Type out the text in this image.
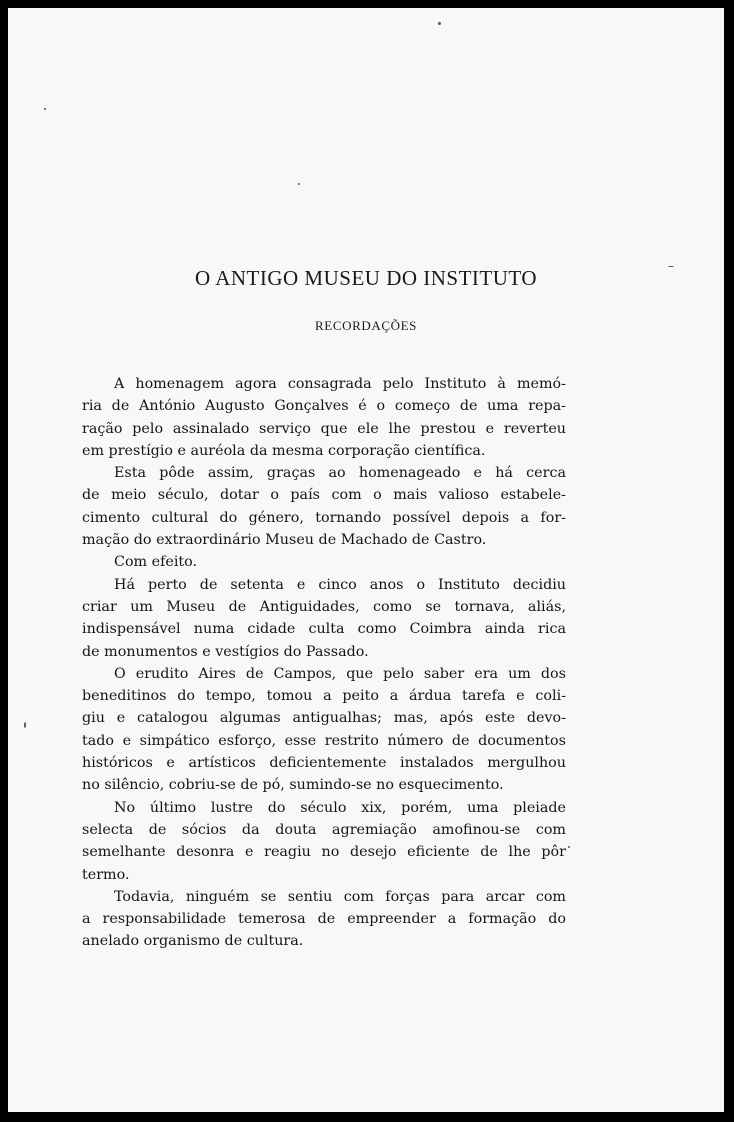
O ANTIGO MUSEU DO INSTITUTO
RECORDAÇÕES
A homenagem agora consagrada pelo Instituto à memó-
ria de António Augusto Gonçalves é o começo de uma repa-
ração pelo assinalado serviço que ele lhe prestou e reverteu
em prestígio e auréola da mesma corporação científica.
Esta pôde assim, graças ao homenageado e há cerca
de meio século, dotar o país com o mais valioso estabele-
cimento cultural do género, tornando possível depois a for-
mação do extraordinário Museu de Machado de Castro.
Com efeito.
Há perto de setenta e cinco anos o Instituto decidiu
criar um Museu de Antiguidades, como se tornava, aliás,
indispensável numa cidade culta como Coimbra ainda rica
de monumentos e vestígios do Passado.
O erudito Aires de Campos, que pelo saber era um dos
beneditinos do tempo, tomou a peito a árdua tarefa e coli-
giu e catalogou algumas antigualhas; mas, após este devo-
tado e simpático esforço, esse restrito número de documentos
históricos e artísticos deficientemente instalados mergulhou
no silêncio, cobriu-se de pó, sumindo-se no esquecimento.
No último lustre do século xix, porém, uma pleiade
selecta de sócios da douta agremiação amofinou-se com
semelhante desonra e reagiu no desejo eficiente de lhe pôr
termo.
Todavia, ninguém se sentiu com forças para arcar com
a responsabilidade temerosa de empreender a formação do
anelado organismo de cultura.
